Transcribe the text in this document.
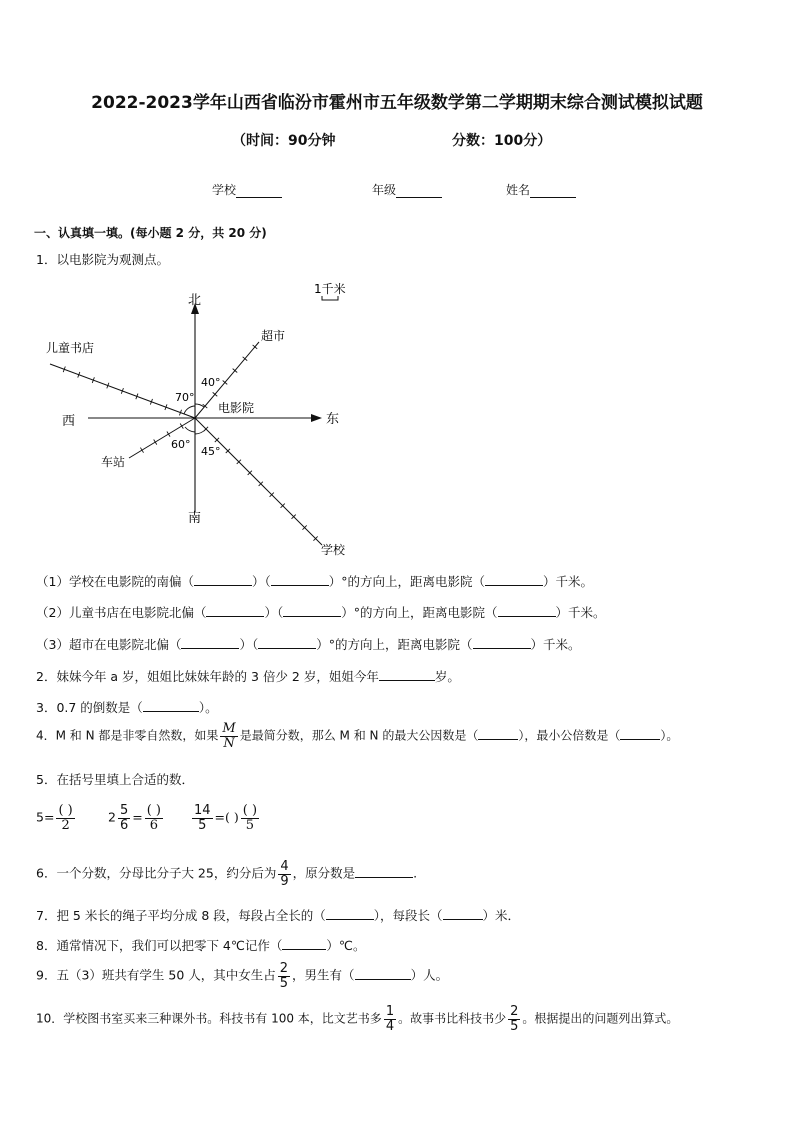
2022-2023学年山西省临汾市霍州市五年级数学第二学期期末综合测试模拟试题
（时间：90分钟	分数：100分）
学校	年级	姓名
一、认真填一填。(每小题 2 分，共 20 分)
1．以电影院为观测点。
1千米
北
南
东
西
电影院
超市
儿童书店
车站
学校
40°
70°
60°
45°
（1）学校在电影院的南偏（	）（	）°的方向上，距离电影院（	）千米。
（2）儿童书店在电影院北偏（	）（	）°的方向上，距离电影院（	）千米。
（3）超市在电影院北偏（	）（	）°的方向上，距离电影院（	）千米。
2．妹妹今年 a 岁，姐姐比妹妹年龄的 3 倍少 2 岁，姐姐今年	岁。
3．0.7 的倒数是（	）。
4．M 和 N 都是非零自然数，如果 $\frac{M}{N}$ 是最简分数，那么 M 和 N 的最大公因数是（	），最小公倍数是（	）。
5．在括号里填上合适的数．
$5= \frac{( )}{2}$	$2 \frac{5}{6} = \frac{( )}{6} \frac{14}{5}$ =( ) $\frac{( )}{5}$
6．一个分数，分母比分子大 25，约分后为 $\frac{4}{9}$ ，原分数是	.
7．把 5 米长的绳子平均分成 8 段，每段占全长的（	），每段长（	）米．
8．通常情况下，我们可以把零下 4℃记作（	）℃。
9．五（3）班共有学生 50 人，其中女生占 $\frac{2}{5}$ ，男生有（	）人。
10．学校图书室买来三种课外书。科技书有 100 本，比文艺书多 $\frac{1}{4}$ 。故事书比科技书少 $\frac{2}{5}$ 。根据提出的问题列出算式。
